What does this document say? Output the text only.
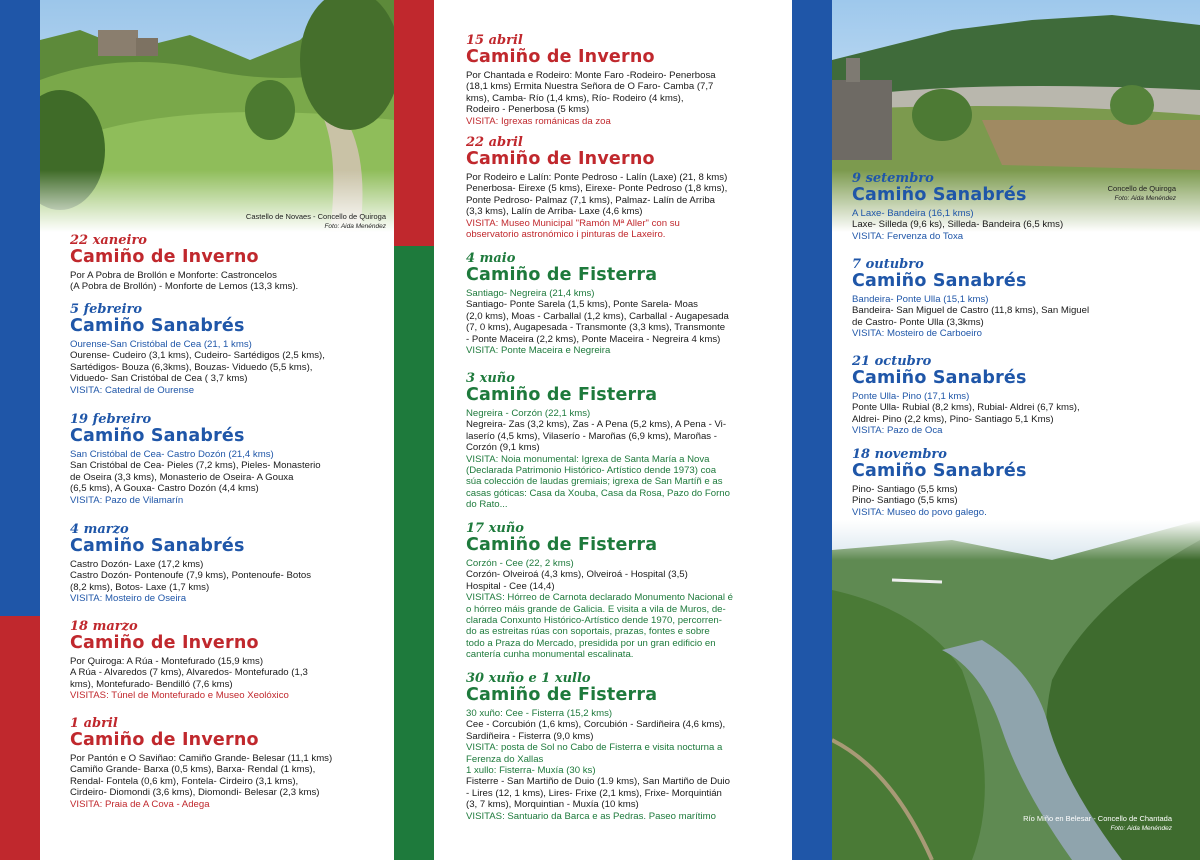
Castello de Novaes - Concello de Quiroga
Foto: Aida Menéndez
Concello de Quiroga
Foto: Aida Menéndez
Río Miño en Belesar - Concello de Chantada
Foto: Aida Menéndez
22 xaneiro
Camiño de Inverno

Por A Pobra de Brollón e Monforte: Castroncelos

(A Pobra de Brollón) - Monforte de Lemos (13,3 kms).

5 febreiro
Camiño Sanabrés

Ourense-San Cristóbal de Cea (21, 1 kms)

Ourense- Cudeiro (3,1 kms), Cudeiro- Sartédigos (2,5 kms),

Sartédigos- Bouza (6,3kms), Bouzas- Viduedo (5,5 kms),

Viduedo- San Cristóbal de Cea ( 3,7 kms)

VISITA: Catedral de Ourense

19 febreiro
Camiño Sanabrés

San Cristóbal de Cea- Castro Dozón (21,4 kms)

San Cristóbal de Cea- Pieles (7,2 kms), Pieles- Monasterio

de Oseira (3,3 kms), Monasterio de Oseira- A Gouxa

(6,5 kms), A Gouxa- Castro Dozón (4,4 kms)

VISITA: Pazo de Vilamarín

4 marzo
Camiño Sanabrés

Castro Dozón- Laxe (17,2 kms)

Castro Dozón- Pontenoufe (7,9 kms), Pontenoufe- Botos

(8,2 kms), Botos- Laxe (1,7 kms)

VISITA: Mosteiro de Oseira

18 marzo
Camiño de Inverno

Por Quiroga: A Rúa - Montefurado (15,9 kms)

A Rúa - Alvaredos (7 kms), Alvaredos- Montefurado (1,3

kms), Montefurado- Bendilló (7,6 kms)

VISITAS: Túnel de Montefurado e Museo Xeolóxico

1 abril
Camiño de Inverno

Por Pantón e O Saviñao: Camiño Grande- Belesar (11,1 kms)

Camiño Grande- Barxa (0,5 kms), Barxa- Rendal (1 kms),

Rendal- Fontela (0,6 km), Fontela- Cirdeiro (3,1 kms),

Cirdeiro- Diomondi (3,6 kms), Diomondi- Belesar (2,3 kms)

VISITA: Praia de A Cova - Adega

15 abril
Camiño de Inverno

Por Chantada e Rodeiro: Monte Faro -Rodeiro- Penerbosa

(18,1 kms) Ermita Nuestra Señora de O Faro- Camba (7,7

kms), Camba- Río (1,4 kms), Río- Rodeiro (4 kms),

Rodeiro - Penerbosa (5 kms)

VISITA: Igrexas románicas da zoa

22 abril
Camiño de Inverno

Por Rodeiro e Lalín: Ponte Pedroso - Lalín (Laxe) (21, 8 kms)

Penerbosa- Eirexe (5 kms), Eirexe- Ponte Pedroso (1,8 kms),

Ponte Pedroso- Palmaz (7,1 kms), Palmaz- Lalín de Arriba

(3,3 kms), Lalín de Arriba- Laxe (4,6 kms)

VISITA: Museo Municipal "Ramón Mª Aller" con su

observatorio astronómico i pinturas de Laxeiro.

4 maio
Camiño de Fisterra

Santiago- Negreira (21,4 kms)

Santiago- Ponte Sarela (1,5 kms), Ponte Sarela- Moas

(2,0 kms), Moas - Carballal (1,2 kms), Carballal - Augapesada

(7, 0 kms), Augapesada - Transmonte (3,3 kms), Transmonte

- Ponte Maceira (2,2 kms), Ponte Maceira - Negreira 4 kms)

VISITA: Ponte Maceira e Negreira

3 xuño
Camiño de Fisterra

Negreira - Corzón (22,1 kms)

Negreira- Zas (3,2 kms), Zas - A Pena (5,2 kms), A Pena - Vi-

laserío (4,5 kms), Vilaserío - Maroñas (6,9 kms), Maroñas -

Corzón (9,1 kms)

VISITA: Noia monumental: Igrexa de Santa María a Nova

(Declarada Patrimonio Histórico- Artístico dende 1973) coa

súa colección de laudas gremiais; igrexa de San Martíñ e as

casas góticas: Casa da Xouba, Casa da Rosa, Pazo do Forno

do Rato...

17 xuño
Camiño de Fisterra

Corzón - Cee (22, 2 kms)

Corzón- Olveiroá (4,3 kms), Olveiroá - Hospital (3,5)

Hospital - Cee (14,4)

VISITAS: Hórreo de Carnota declarado Monumento Nacional é

o hórreo máis grande de Galicia. E visita a vila de Muros, de-

clarada Conxunto Histórico-Artístico dende 1970, percorren-

do as estreitas rúas con soportais, prazas, fontes e sobre

todo a Praza do Mercado, presidida por un gran edificio en

cantería cunha monumental escalinata.

30 xuño e 1 xullo
Camiño de Fisterra

30 xuño: Cee - Fisterra (15,2 kms)

Cee - Corcubión (1,6 kms), Corcubión - Sardiñeira (4,6 kms),

Sardiñeira - Fisterra (9,0 kms)

VISITA: posta de Sol no Cabo de Fisterra e visita nocturna a

Ferenza do Xallas

1 xullo: Fisterra- Muxía (30 ks)

Fisterre - San Martiño de Duio (1.9 kms), San Martiño de Duio

- Lires (12, 1 kms), Lires- Frixe (2,1 kms), Frixe- Morquintián

(3, 7 kms), Morquintian - Muxía (10 kms)

VISITAS: Santuario da Barca e as Pedras. Paseo marítimo

9 setembro
Camiño Sanabrés

A Laxe- Bandeira (16,1 kms)

Laxe- Silleda (9,6 ks), Silleda- Bandeira (6,5 kms)

VISITA: Fervenza do Toxa

7 outubro
Camiño Sanabrés

Bandeira- Ponte Ulla (15,1 kms)

Bandeira- San Miguel de Castro (11,8 kms), San Miguel

de Castro- Ponte Ulla (3,3kms)

VISITA: Mosteiro de Carboeiro

21 octubro
Camiño Sanabrés

Ponte Ulla- Pino (17,1 kms)

Ponte Ulla- Rubial (8,2 kms), Rubial- Aldrei (6,7 kms),

Aldrei- Pino (2,2 kms), Pino- Santiago 5,1 Kms)

VISITA: Pazo de Oca

18 novembro
Camiño Sanabrés

Pino- Santiago (5,5 kms)

Pino- Santiago (5,5 kms)

VISITA: Museo do povo galego.
